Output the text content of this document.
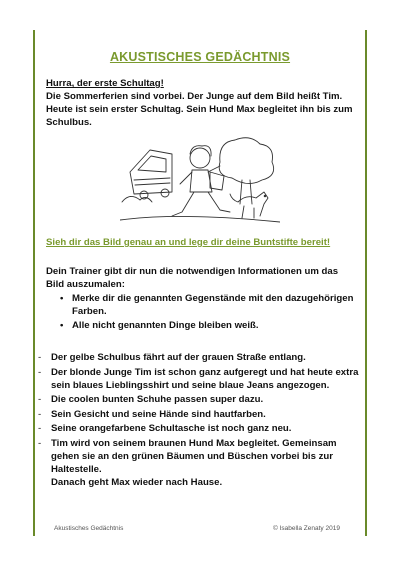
AKUSTISCHES GEDÄCHTNIS
Hurra, der erste Schultag!
Die Sommerferien sind vorbei. Der Junge auf dem Bild heißt Tim. Heute ist sein erster Schultag. Sein Hund Max begleitet ihn bis zum Schulbus.
Sieh dir das Bild genau an und lege dir deine Buntstifte bereit!
Dein Trainer gibt dir nun die notwendigen Informationen um das Bild auszumalen:
• Merke dir die genannten Gegenstände mit den dazugehörigen Farben.
• Alle nicht genannten Dinge bleiben weiß.
- Der gelbe Schulbus fährt auf der grauen Straße entlang.
- Der blonde Junge Tim ist schon ganz aufgeregt und hat heute extra sein blaues Lieblingsshirt und seine blaue Jeans angezogen.
- Die coolen bunten Schuhe passen super dazu.
- Sein Gesicht und seine Hände sind hautfarben.
- Seine orangefarbene Schultasche ist noch ganz neu.
- Tim wird von seinem braunen Hund Max begleitet. Gemeinsam gehen sie an den grünen Bäumen und Büschen vorbei bis zur Haltestelle.
Danach geht Max wieder nach Hause.
Akustisches Gedächtnis	© Isabella Zenaty 2019
